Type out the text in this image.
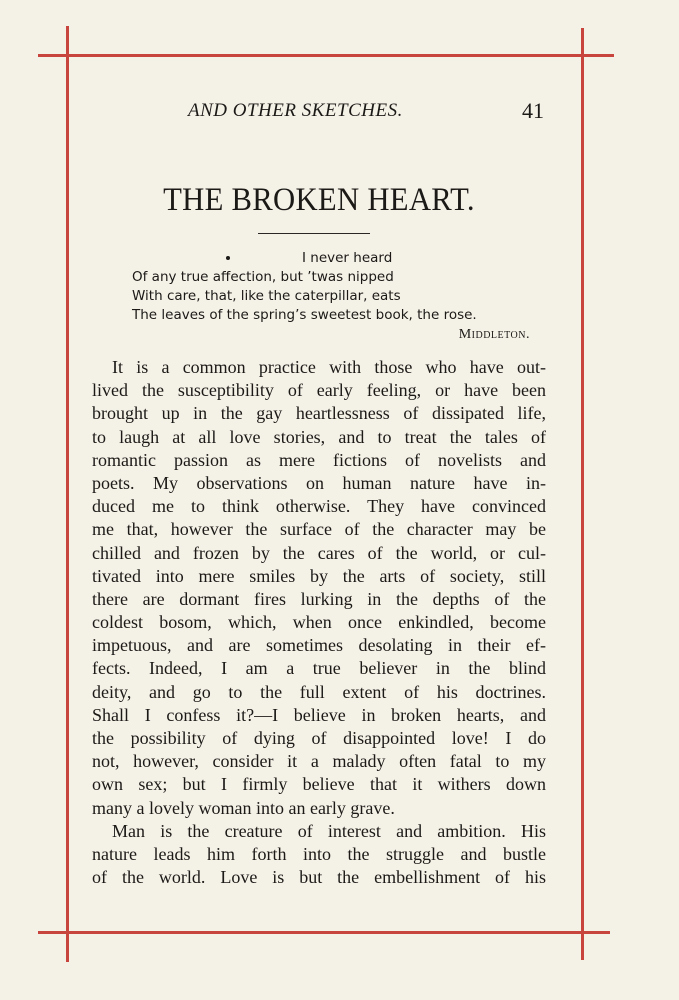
AND OTHER SKETCHES.	41
THE BROKEN HEART.
I never heard
Of any true affection, but ’twas nipped
With care, that, like the caterpillar, eats
The leaves of the spring’s sweetest book, the rose.
Middleton.
It is a common practice with those who have out-
lived the susceptibility of early feeling, or have been
brought up in the gay heartlessness of dissipated life,
to laugh at all love stories, and to treat the tales of
romantic passion as mere fictions of novelists and
poets. My observations on human nature have in-
duced me to think otherwise. They have convinced
me that, however the surface of the character may be
chilled and frozen by the cares of the world, or cul-
tivated into mere smiles by the arts of society, still
there are dormant fires lurking in the depths of the
coldest bosom, which, when once enkindled, become
impetuous, and are sometimes desolating in their ef-
fects. Indeed, I am a true believer in the blind
deity, and go to the full extent of his doctrines.
Shall I confess it?—I believe in broken hearts, and
the possibility of dying of disappointed love! I do
not, however, consider it a malady often fatal to my
own sex; but I firmly believe that it withers down
many a lovely woman into an early grave.
Man is the creature of interest and ambition. His
nature leads him forth into the struggle and bustle
of the world. Love is but the embellishment of his
